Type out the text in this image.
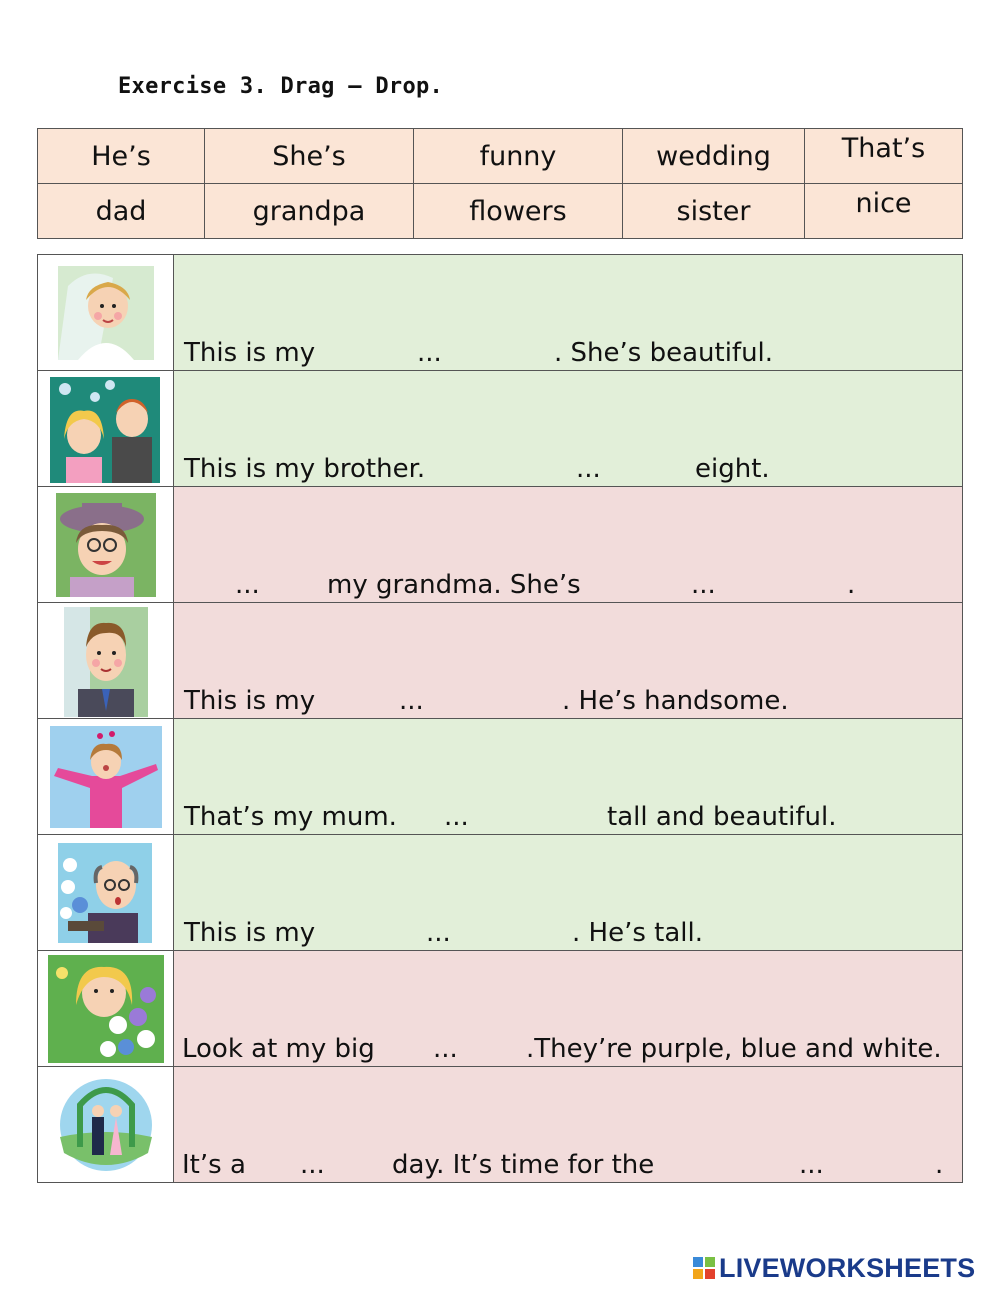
Exercise 3. Drag – Drop.
He’s	She’s	funny	wedding	That’s
dad	grandpa	flowers	sister	nice

This is my ... . She’s beautiful.

This is my brother. ... eight.

... my grandma. She’s ... .

This is my ... . He’s handsome.

That’s my mum. ... tall and beautiful.

This is my ... . He’s tall.

Look at my big ... .They’re purple, blue and white.

It’s a ... day. It’s time for the ... .
LIVEWORKSHEETS
